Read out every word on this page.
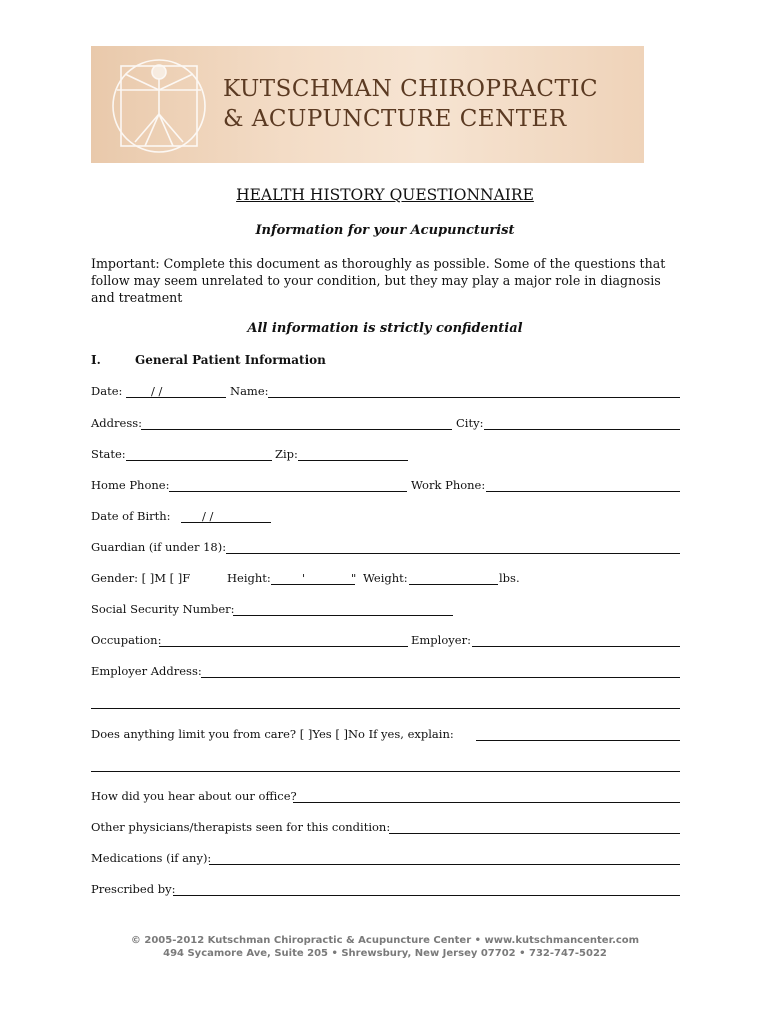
KUTSCHMAN CHIROPRACTIC
& ACUPUNCTURE CENTER
HEALTH HISTORY QUESTIONNAIRE
Information for your Acupuncturist
Important: Complete this document as thoroughly as possible. Some of the questions that follow may seem unrelated to your condition, but they may play a major role in diagnosis and treatment
All information is strictly confidential
I.	General Patient Information
Date: / /	Name:
Address:	City:
State:	Zip:
Home Phone:	Work Phone:
Date of Birth:	/ /
Guardian (if under 18):
Gender: [ ]M [ ]F	Height:	'	" Weight:	lbs.
Social Security Number:
Occupation:	Employer:
Employer Address:
Does anything limit you from care? [ ]Yes [ ]No If yes, explain:
How did you hear about our office?
Other physicians/therapists seen for this condition:
Medications (if any):
Prescribed by:
© 2005-2012 Kutschman Chiropractic & Acupuncture Center • www.kutschmancenter.com
494 Sycamore Ave, Suite 205 • Shrewsbury, New Jersey 07702 • 732-747-5022
